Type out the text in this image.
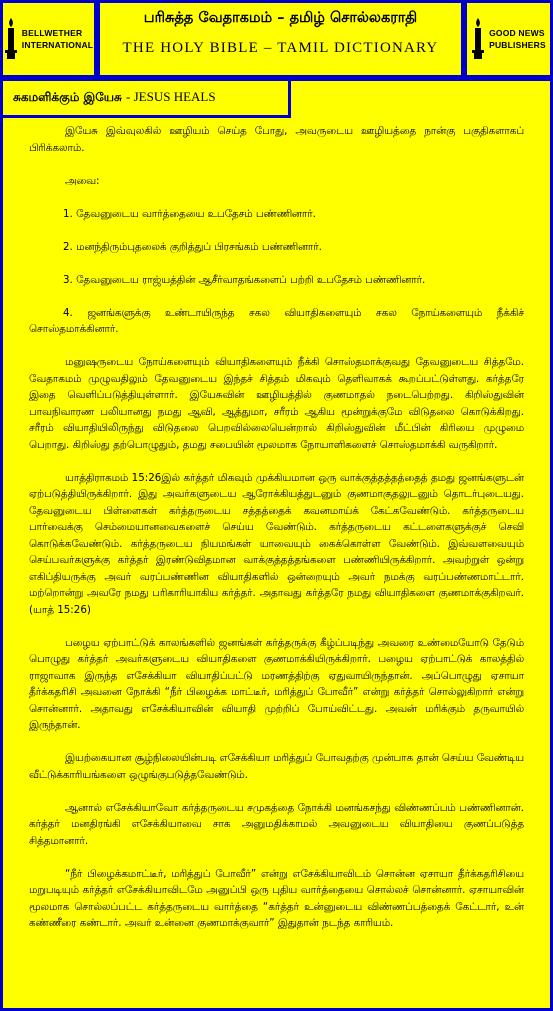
BELLWETHER
INTERNATIONAL
பரிசுத்த வேதாகமம் – தமிழ் சொல்லகராதி
THE HOLY BIBLE – TAMIL DICTIONARY
GOOD NEWS
PUBLISHERS

இயேசு இவ்வுலகில் ஊழியம் செய்த போது, அவருடைய ஊழியத்தை நான்கு பகுதிகளாகப் பிரிக்கலாம்.

அவை:

1. தேவனுடைய வார்த்தையை உபதேசம் பண்ணினார்.

2. மனந்திரும்புதலைக் குறித்துப் பிரசங்கம் பண்ணினார்.

3. தேவனுடைய ராஜ்யத்தின் ஆசீர்வாதங்களைப் பற்றி உபதேசம் பண்ணினார்.

4. ஜனங்களுக்கு உண்டாயிருந்த சகல வியாதிகளையும் சகல நோய்களையும் நீக்கிச் சொஸ்தமாக்கினார்.

மனுஷருடைய நோய்களையும் வியாதிகளையும் நீக்கி சொஸ்தமாக்குவது தேவனுடைய சித்தமே. வேதாகமம் முழுவதிலும் தேவனுடைய இந்தச் சித்தம் மிகவும் தெளிவாகக் கூறப்பட்டுள்ளது. கர்த்தரே இதை வெளிப்படுத்தியுள்ளார். இயேசுவின் ஊழியத்தில் குணமாதல் நடைபெற்றது. கிறிஸ்துவின் பாவநிவாரண பலியானது நமது ஆவி, ஆத்துமா, சரீரம் ஆகிய மூன்றுக்குமே விடுதலை கொடுக்கிறது. சரீரம் வியாதியிலிருந்து விடுதலை பெறவில்லையென்றால் கிறிஸ்துவின் மீட்பின் கிரியை முழுமை பெறாது. கிறிஸ்து தற்பொழுதும், தமது சபையின் மூலமாக நோயாளிகளைச் சொஸ்தமாக்கி வருகிறார்.

யாத்திராகமம் 15:26இல் கர்த்தர் மிகவும் முக்கியமான ஒரு வாக்குத்தத்தத்தைத் தமது ஜனங்களுடன் ஏற்படுத்தியிருக்கிறார். இது அவர்களுடைய ஆரோக்கியத்துடனும் குணமாகுதலுடனும் தொடர்புடையது. தேவனுடைய பிள்ளைகள் கர்த்தருடைய சத்தத்தைக் கவனமாய்க் கேட்கவேண்டும். கர்த்தருடைய பார்வைக்கு செம்மையானவைகளைச் செய்ய வேண்டும். கர்த்தருடைய கட்டளைகளுக்குச் செவி கொடுக்கவேண்டும். கர்த்தருடைய நியமங்கள் யாவையும் கைக்கொள்ள வேண்டும். இவ்வளவையும் செய்பவர்களுக்கு கர்த்தர் இரண்டுவிதமான வாக்குத்தத்தங்களை பண்ணியிருக்கிறார். அவற்றுள் ஒன்று எகிப்தியருக்கு அவர் வரப்பண்ணின வியாதிகளில் ஒன்றையும் அவர் நமக்கு வரப்பண்ணமாட்டார். மற்றொன்று அவரே நமது பரிகாரியாகிய கர்த்தர். அதாவது கர்த்தரே நமது வியாதிகளை குணமாக்குகிறவர். (யாத் 15:26)

பழைய ஏற்பாட்டுக் காலங்களில் ஜனங்கள் கர்த்தருக்கு கீழ்ப்படிந்து அவரை உண்மையோடு தேடும் பொழுது கர்த்தர் அவர்களுடைய வியாதிகளை குணமாக்கியிருக்கிறார். பழைய ஏற்பாட்டுக் காலத்தில் ராஜாவாக இருந்த எசேக்கியா வியாதிப்பட்டு மரணத்திற்கு ஏதுவாயிருந்தான். அப்பொழுது ஏசாயா தீர்க்கதரிசி அவனை நோக்கி “நீர் பிழைக்க மாட்டீர், மரித்துப் போவீர்” என்று கர்த்தர் சொல்லுகிறார் என்று சொன்னார். அதாவது எசேக்கியாவின் வியாதி முற்றிப் போய்விட்டது. அவன் மரிக்கும் தருவாயில் இருந்தான்.

இயற்கையான சூழ்நிலையின்படி எசேக்கியா மரித்துப் போவதற்கு முன்பாக தான் செய்ய வேண்டிய வீட்டுக்காரியங்களை ஒழுங்குபடுத்தவேண்டும்.

ஆனால் எசேக்கியாவோ கர்த்தருடைய சமுகத்தை நோக்கி மனங்கசந்து விண்ணப்பம் பண்ணினான். கர்த்தர் மனதிரங்கி எசேக்கியாவை சாக அனுமதிக்காமல் அவனுடைய வியாதியை குணப்படுத்த சித்தமானார்.

“நீர் பிழைக்கமாட்டீர், மரித்துப் போவீர்” என்று எசேக்கியாவிடம் சொன்ன ஏசாயா தீர்க்கதரிசியை மறுபடியும் கர்த்தர் எசேக்கியாவிடமே அனுப்பி ஒரு புதிய வார்த்தையை சொல்லச் சொன்னார். ஏசாயாவின் மூலமாக சொல்லப்பட்ட கர்த்தருடைய வார்த்தை “கர்த்தர் உன்னுடைய விண்ணப்பத்தைக் கேட்டார், உன் கண்ணீரை கண்டார். அவர் உன்னை குணமாக்குவார்” இதுதான் நடந்த காரியம்.

சுகமளிக்கும் இயேசு - JESUS HEALS
